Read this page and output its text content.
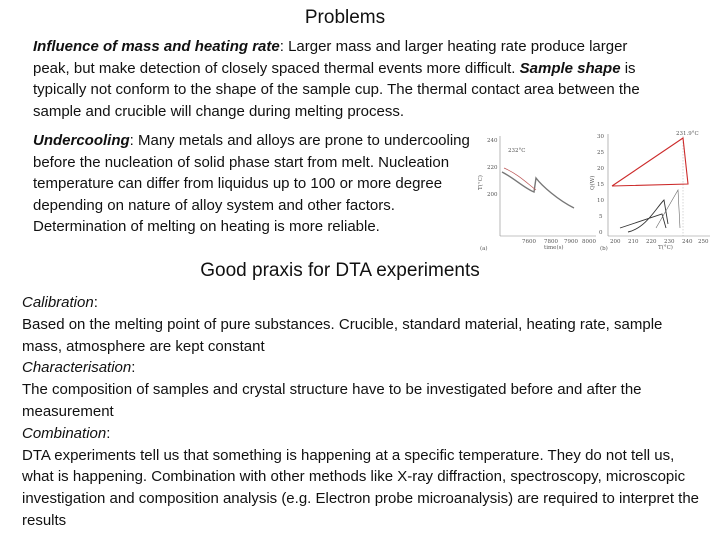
Problems
Influence of mass and heating rate: Larger mass and larger heating rate produce larger peak, but make detection of closely spaced thermal events more difficult. Sample shape is typically not conform to the shape of the sample cup. The thermal contact area between the sample and crucible will change during melting process.
Undercooling: Many metals and alloys are prone to undercooling before the nucleation of solid phase start from melt. Nucleation temperature can differ from liquidus up to 100 or more degree depending on nature of alloy system and other factors. Determination of melting on heating is more reliable.
(a)
T(°C)
240
220
200
7600 7800 7900 8000
time(s)
232°C
(b)
30
25
20
15
10
5
0
Q(W)
200 210 220 230 240 250
T(°C)
231.9°C
Good praxis for DTA experiments
Calibration:
Based on the melting point of pure substances. Crucible, standard material, heating rate, sample mass, atmosphere are kept constant
Characterisation:
The composition of samples and crystal structure have to be investigated before and after the measurement
Combination:
DTA experiments tell us that something is happening at a specific temperature. They do not tell us, what is happening. Combination with other methods like X-ray diffraction, spectroscopy, microscopic investigation and composition analysis (e.g. Electron probe microanalysis) are required to interpret the results
